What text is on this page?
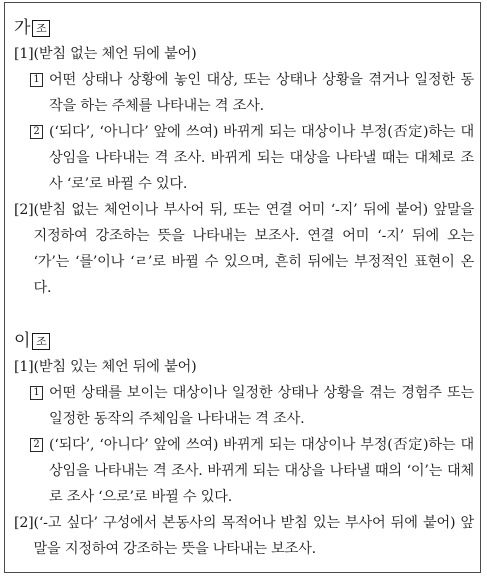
가 조
[1] (받침 없는 체언 뒤에 붙어)
1 어떤 상태나 상황에 놓인 대상, 또는 상태나 상황을 겪거나 일정한 동작을 하는 주체를 나타내는 격 조사.
2 (‘되다’, ‘아니다’ 앞에 쓰여) 바뀌게 되는 대상이나 부정(否定)하는 대상임을 나타내는 격 조사. 바뀌게 되는 대상을 나타낼 때는 대체로 조사 ‘로’로 바뀔 수 있다.
[2] (받침 없는 체언이나 부사어 뒤, 또는 연결 어미 ‘-지’ 뒤에 붙어) 앞말을 지정하여 강조하는 뜻을 나타내는 보조사. 연결 어미 ‘-지’ 뒤에 오는 ‘가’는 ‘를’이나 ‘ㄹ’로 바뀔 수 있으며, 흔히 뒤에는 부정적인 표현이 온다.
이 조
[1] (받침 있는 체언 뒤에 붙어)
1 어떤 상태를 보이는 대상이나 일정한 상태나 상황을 겪는 경험주 또는 일정한 동작의 주체임을 나타내는 격 조사.
2 (‘되다’, ‘아니다’ 앞에 쓰여) 바뀌게 되는 대상이나 부정(否定)하는 대상임을 나타내는 격 조사. 바뀌게 되는 대상을 나타낼 때의 ‘이’는 대체로 조사 ‘으로’로 바뀔 수 있다.
[2] (‘-고 싶다’ 구성에서 본동사의 목적어나 받침 있는 부사어 뒤에 붙어) 앞말을 지정하여 강조하는 뜻을 나타내는 보조사.
